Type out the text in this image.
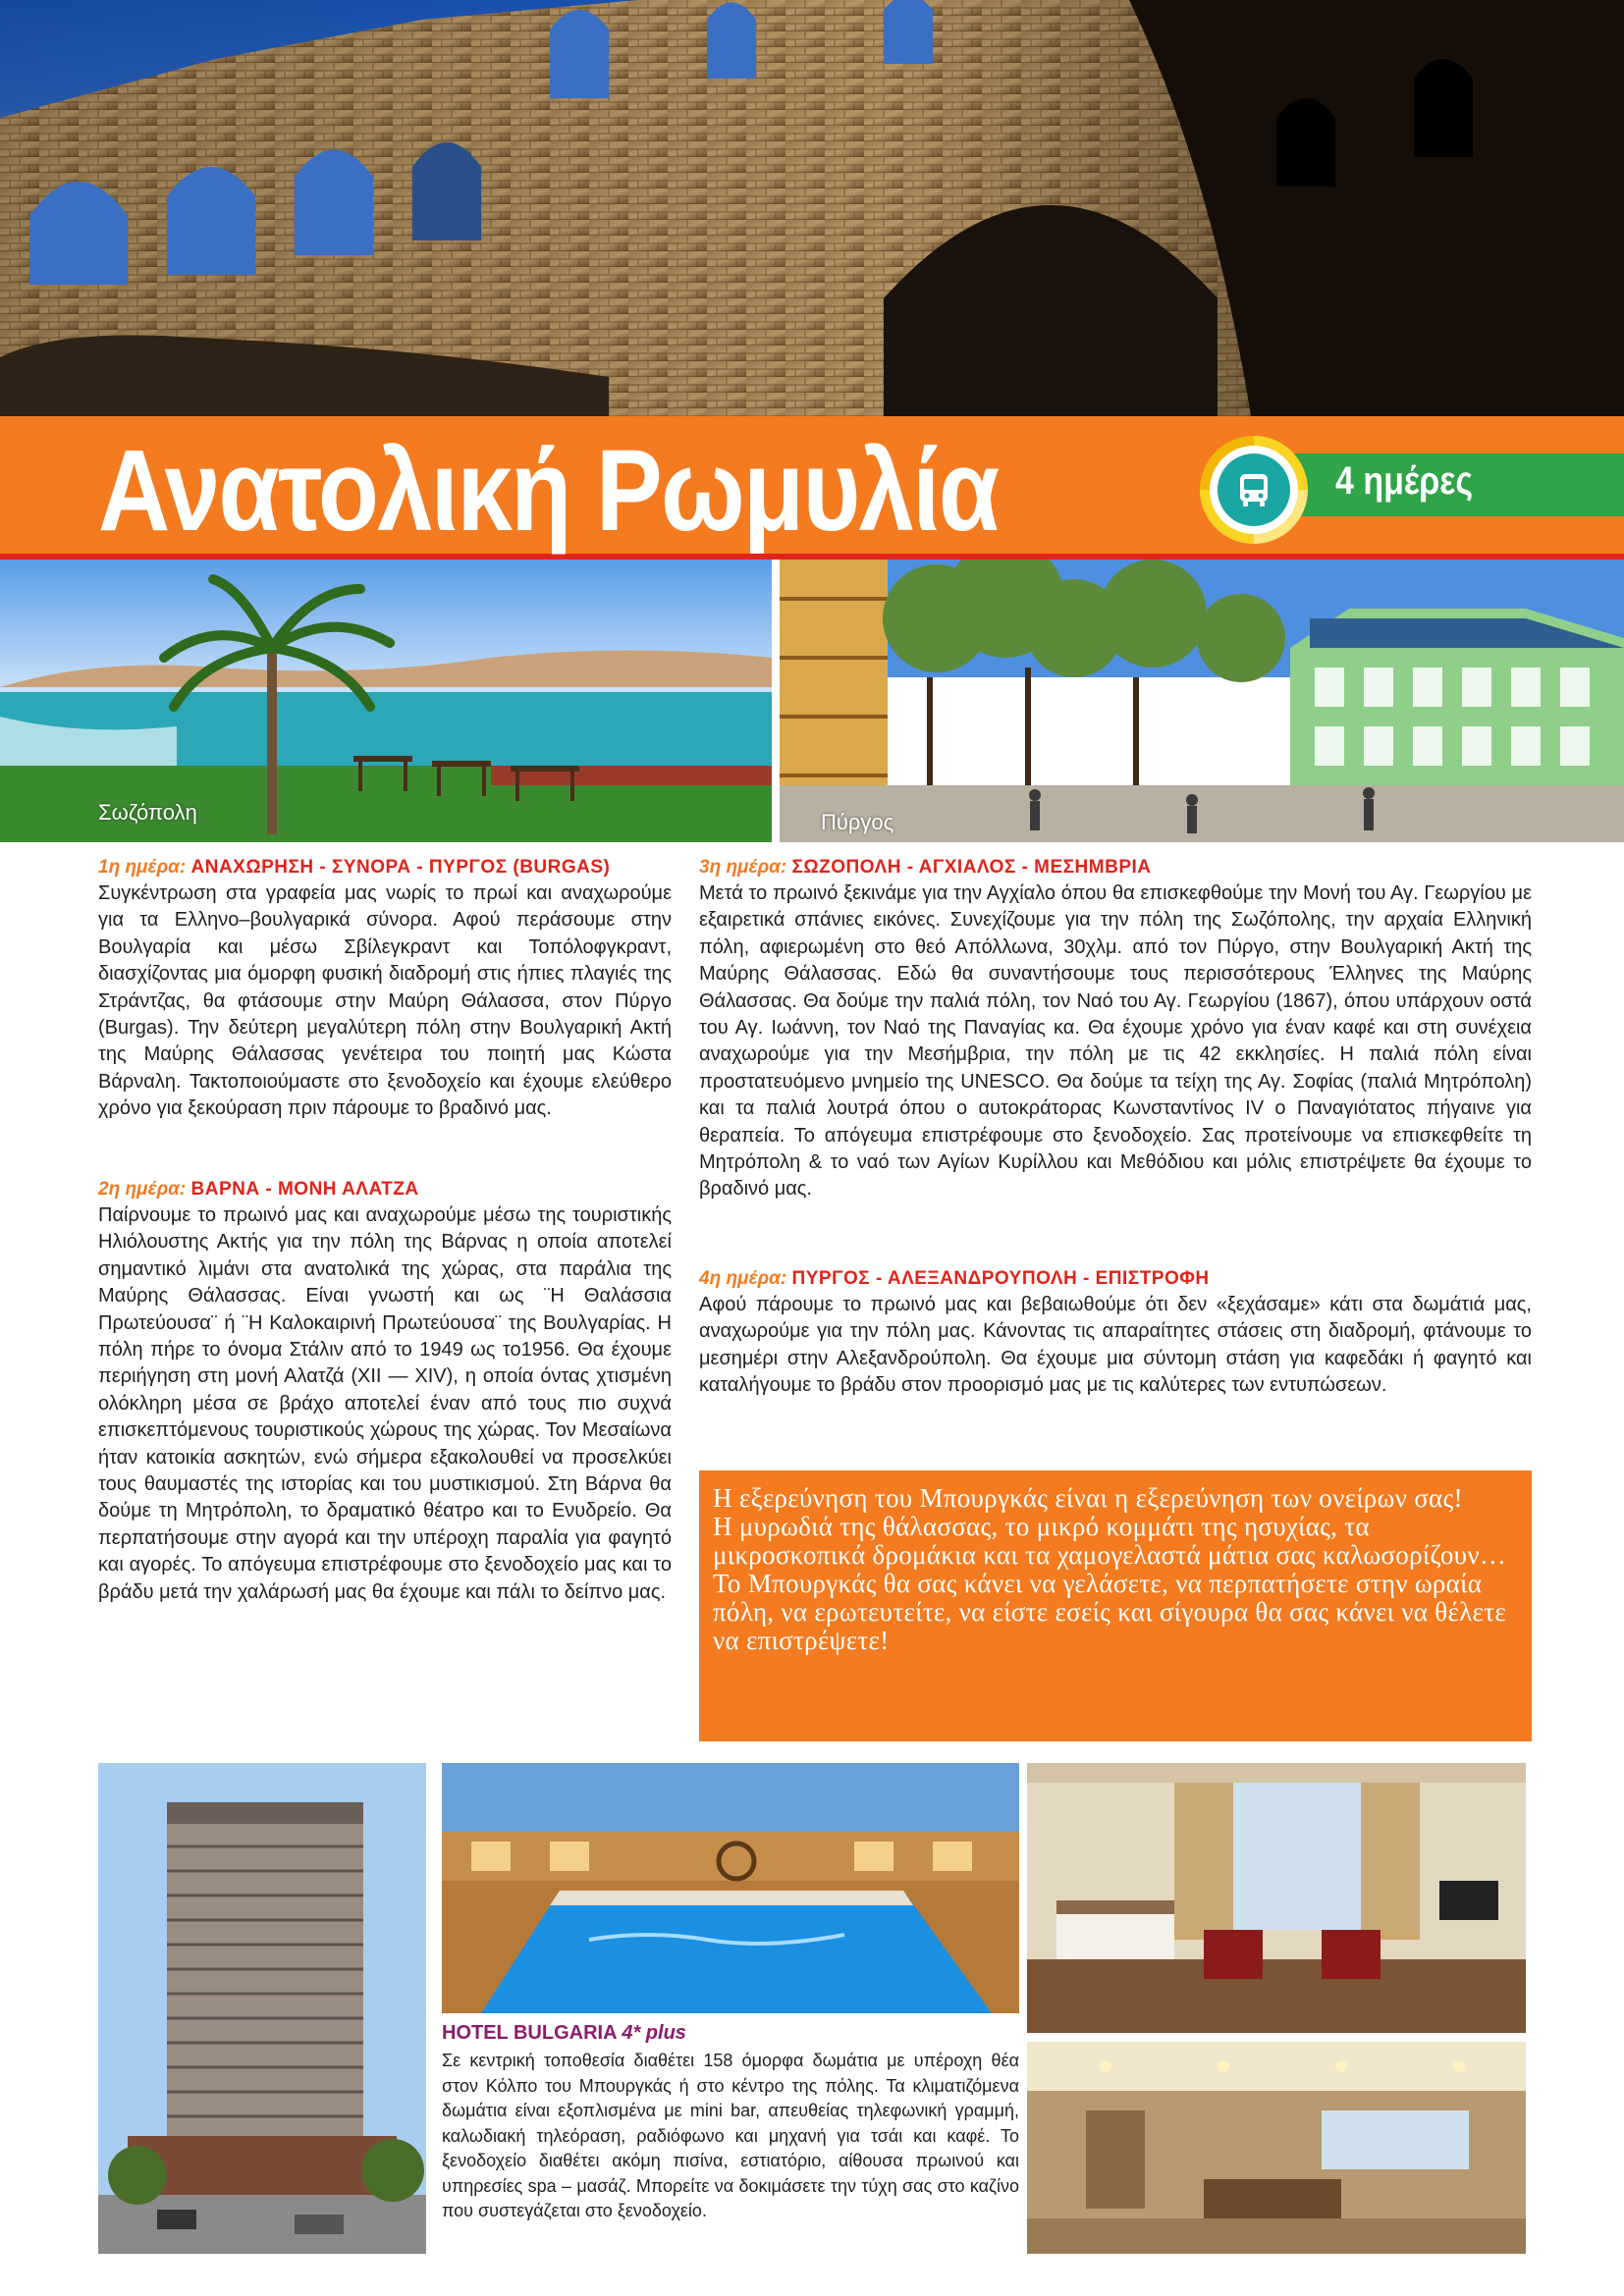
Ανατολική Ρωμυλία	4 ημέρες
Σωζόπολη	Πύργος
1η ημέρα: ΑΝΑΧΩΡΗΣΗ - ΣΥΝΟΡΑ - ΠΥΡΓΟΣ (BURGAS)
Συγκέντρωση στα γραφεία μας νωρίς το πρωί και αναχωρούμε για τα Ελληνο–βουλγαρικά σύνορα. Αφού περάσουμε στην Βουλγαρία και μέσω Σβίλεγκραντ και Τοπόλοφγκραντ, διασχίζοντας μια όμορφη φυσική διαδρομή στις ήπιες πλαγιές της Στράντζας, θα φτάσουμε στην Μαύρη Θάλασσα, στον Πύργο (Burgas). Την δεύτερη μεγαλύτερη πόλη στην Βουλγαρική Ακτή της Μαύρης Θάλασσας γενέτειρα του ποιητή μας Κώστα Βάρναλη. Τακτοποιούμαστε στο ξενοδοχείο και έχουμε ελεύθερο χρόνο για ξεκούραση πριν πάρουμε το βραδινό μας.
2η ημέρα: ΒΑΡΝΑ - ΜΟΝΗ ΑΛΑΤΖΑ
Παίρνουμε το πρωινό μας και αναχωρούμε μέσω της τουριστικής Ηλιόλουστης Ακτής για την πόλη της Βάρνας η οποία αποτελεί σημαντικό λιμάνι στα ανατολικά της χώρας, στα παράλια της Μαύρης Θάλασσας. Είναι γνωστή και ως ¨Η Θαλάσσια Πρωτεύουσα¨ ή ¨Η Καλοκαιρινή Πρωτεύουσα¨ της Βουλγαρίας. Η πόλη πήρε το όνομα Στάλιν από το 1949 ως το1956. Θα έχουμε περιήγηση στη μονή Αλατζά (XII — XIV), η οποία όντας χτισμένη ολόκληρη μέσα σε βράχο αποτελεί έναν από τους πιο συχνά επισκεπτόμενους τουριστικούς χώρους της χώρας. Τον Μεσαίωνα ήταν κατοικία ασκητών, ενώ σήμερα εξακολουθεί να προσελκύει τους θαυμαστές της ιστορίας και του μυστικισμού. Στη Βάρνα θα δούμε τη Μητρόπολη, το δραματικό θέατρο και το Ενυδρείο. Θα περπατήσουμε στην αγορά και την υπέροχη παραλία για φαγητό και αγορές. Το απόγευμα επιστρέφουμε στο ξενοδοχείο μας και το βράδυ μετά την χαλάρωσή μας θα έχουμε και πάλι το δείπνο μας.
3η ημέρα: ΣΩΖΟΠΟΛΗ - ΑΓΧΙΑΛΟΣ - ΜΕΣΗΜΒΡΙΑ
Μετά το πρωινό ξεκινάμε για την Αγχίαλο όπου θα επισκεφθούμε την Μονή του Αγ. Γεωργίου με εξαιρετικά σπάνιες εικόνες. Συνεχίζουμε για την πόλη της Σωζόπολης, την αρχαία Ελληνική πόλη, αφιερωμένη στο θεό Απόλλωνα, 30χλμ. από τον Πύργο, στην Βουλγαρική Ακτή της Μαύρης Θάλασσας. Εδώ θα συναντήσουμε τους περισσότερους Έλληνες της Μαύρης Θάλασσας. Θα δούμε την παλιά πόλη, τον Ναό του Αγ. Γεωργίου (1867), όπου υπάρχουν οστά του Αγ. Ιωάννη, τον Ναό της Παναγίας κα. Θα έχουμε χρόνο για έναν καφέ και στη συνέχεια αναχωρούμε για την Μεσήμβρια, την πόλη με τις 42 εκκλησίες. Η παλιά πόλη είναι προστατευόμενο μνημείο της UNESCO. Θα δούμε τα τείχη της Αγ. Σοφίας (παλιά Μητρόπολη) και τα παλιά λουτρά όπου ο αυτοκράτορας Κωνσταντίνος IV ο Παναγιότατος πήγαινε για θεραπεία. Το απόγευμα επιστρέφουμε στο ξενοδοχείο. Σας προτείνουμε να επισκεφθείτε τη Μητρόπολη & το ναό των Αγίων Κυρίλλου και Μεθόδιου και μόλις επιστρέψετε θα έχουμε το βραδινό μας.
4η ημέρα: ΠΥΡΓΟΣ - ΑΛΕΞΑΝΔΡΟΥΠΟΛΗ - ΕΠΙΣΤΡΟΦΗ
Αφού πάρουμε το πρωινό μας και βεβαιωθούμε ότι δεν «ξεχάσαμε» κάτι στα δωμάτιά μας, αναχωρούμε για την πόλη μας. Κάνοντας τις απαραίτητες στάσεις στη διαδρομή, φτάνουμε το μεσημέρι στην Αλεξανδρούπολη. Θα έχουμε μια σύντομη στάση για καφεδάκι ή φαγητό και καταλήγουμε το βράδυ στον προορισμό μας με τις καλύτερες των εντυπώσεων.

Η εξερεύνηση του Μπουργκάς είναι η εξερεύνηση των ονείρων σας!

Η μυρωδιά της θάλασσας, το μικρό κομμάτι της ησυχίας, τα μικροσκοπικά δρομάκια και τα χαμογελαστά μάτια σας καλωσορίζουν…

Το Μπουργκάς θα σας κάνει να γελάσετε, να περπατήσετε στην ωραία πόλη, να ερωτευτείτε, να είστε εσείς και σίγουρα θα σας κάνει να θέλετε να επιστρέψετε!

HOTEL BULGARIA 4* plus
Σε κεντρική τοποθεσία διαθέτει 158 όμορφα δωμάτια με υπέροχη θέα στον Κόλπο του Μπουργκάς ή στο κέντρο της πόλης. Τα κλιματιζόμενα δωμάτια είναι εξοπλισμένα με mini bar, απευθείας τηλεφωνική γραμμή, καλωδιακή τηλεόραση, ραδιόφωνο και μηχανή για τσάι και καφέ. Το ξενοδοχείο διαθέτει ακόμη πισίνα, εστιατόριο, αίθουσα πρωινού και υπηρεσίες spa – μασάζ. Μπορείτε να δοκιμάσετε την τύχη σας στο καζίνο που συστεγάζεται στο ξενοδοχείο.
